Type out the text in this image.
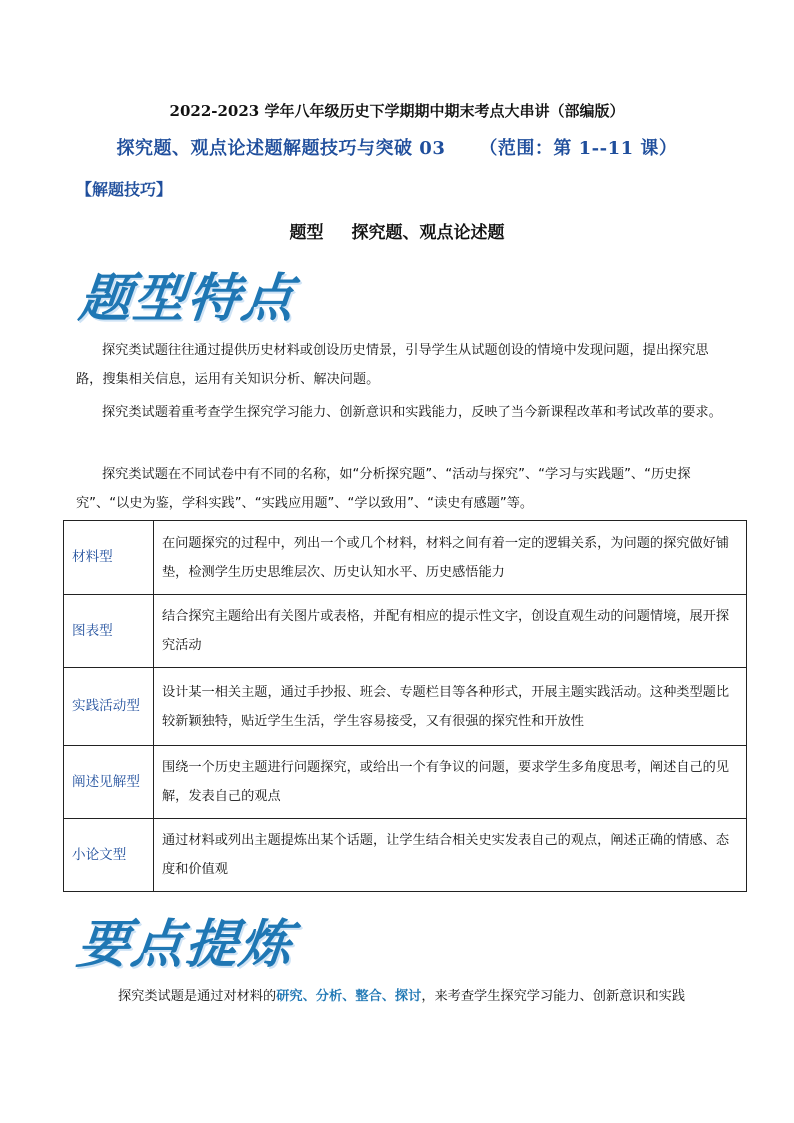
2022-2023 学年八年级历史下学期期中期末考点大串讲（部编版）
探究题、观点论述题解题技巧与突破 03 （范围：第 1--11 课）
【解题技巧】
题型 探究题、观点论述题
题型特点

探究类试题往往通过提供历史材料或创设历史情景，引导学生从试题创设的情境中发现问题，提出探究思路，搜集相关信息，运用有关知识分析、解决问题。

探究类试题着重考查学生探究学习能力、创新意识和实践能力，反映了当今新课程改革和考试改革的要求。

探究类试题在不同试卷中有不同的名称，如“分析探究题”、“活动与探究”、“学习与实践题”、“历史探究”、“以史为鉴，学科实践”、“实践应用题”、“学以致用”、“读史有感题”等。

材料型	在问题探究的过程中，列出一个或几个材料，材料之间有着一定的逻辑关系，为问题的探究做好铺垫，检测学生历史思维层次、历史认知水平、历史感悟能力
图表型	结合探究主题给出有关图片或表格，并配有相应的提示性文字，创设直观生动的问题情境，展开探究活动
实践活动型	设计某一相关主题，通过手抄报、班会、专题栏目等各种形式，开展主题实践活动。这种类型题比较新颖独特，贴近学生生活，学生容易接受，又有很强的探究性和开放性
阐述见解型	围绕一个历史主题进行问题探究，或给出一个有争议的问题，要求学生多角度思考，阐述自己的见解，发表自己的观点
小论文型	通过材料或列出主题提炼出某个话题，让学生结合相关史实发表自己的观点，阐述正确的情感、态度和价值观
要点提炼

探究类试题是通过对材料的研究、分析、整合、探讨，来考查学生探究学习能力、创新意识和实践
